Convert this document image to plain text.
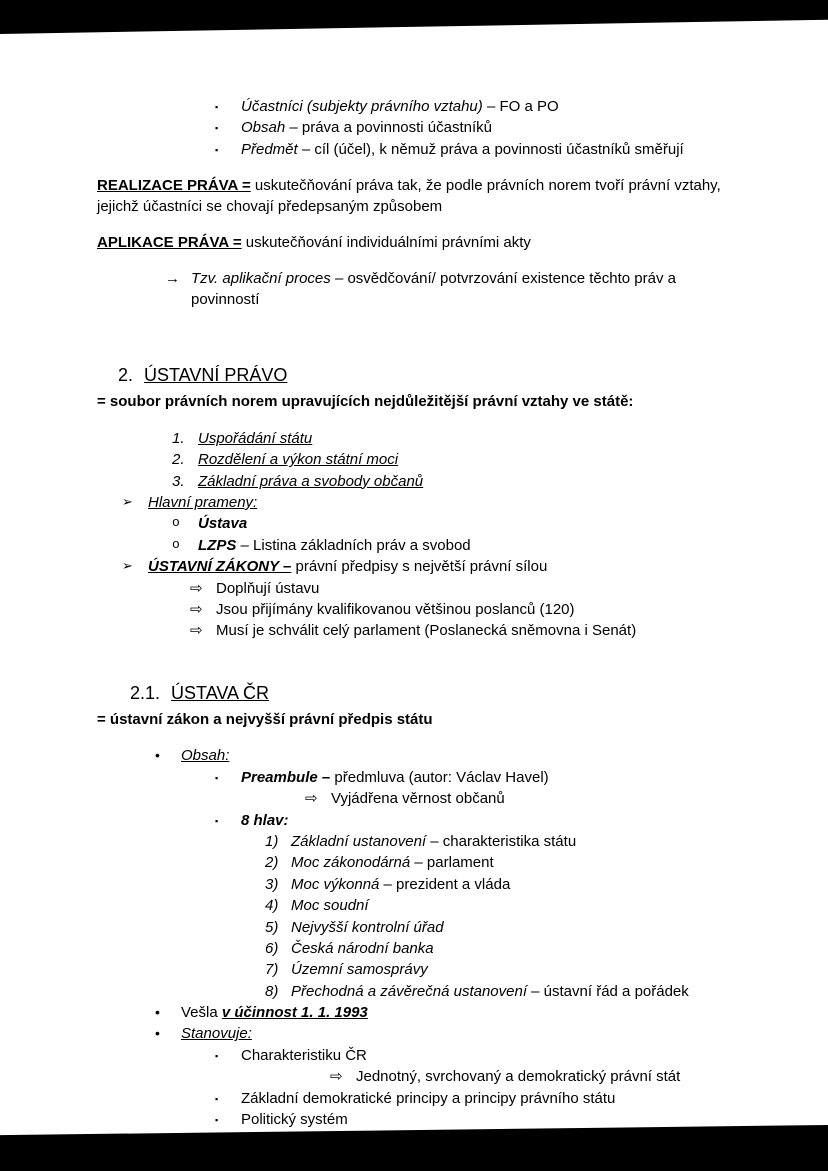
▪	Účastníci (subjekty právního vztahu) – FO a PO
▪	Obsah – práva a povinnosti účastníků
▪	Předmět – cíl (účel), k němuž práva a povinnosti účastníků směřují
REALIZACE PRÁVA = uskutečňování práva tak, že podle právních norem tvoří právní vztahy, jejichž účastníci se chovají předepsaným způsobem
APLIKACE PRÁVA = uskutečňování individuálními právními akty
→ Tzv. aplikační proces – osvědčování/ potvrzování existence těchto práv a povinností
2. ÚSTAVNÍ PRÁVO
= soubor právních norem upravujících nejdůležitější právní vztahy ve státě:
1. Uspořádání státu
2. Rozdělení a výkon státní moci
3. Základní práva a svobody občanů
➢	Hlavní prameny:
o	Ústava
o	LZPS – Listina základních práv a svobod
➢	ÚSTAVNÍ ZÁKONY – právní předpisy s největší právní sílou
⇨ Doplňují ústavu
⇨ Jsou přijímány kvalifikovanou většinou poslanců (120)
⇨ Musí je schválit celý parlament (Poslanecká sněmovna i Senát)
2.1. ÚSTAVA ČR
= ústavní zákon a nejvyšší právní předpis státu
•	Obsah:
▪	Preambule – předmluva (autor: Václav Havel)
⇨ Vyjádřena věrnost občanů
▪	8 hlav:
1) Základní ustanovení – charakteristika státu
2) Moc zákonodárná – parlament
3) Moc výkonná – prezident a vláda
4) Moc soudní
5) Nejvyšší kontrolní úřad
6) Česká národní banka
7) Územní samosprávy
8) Přechodná a závěrečná ustanovení – ústavní řád a pořádek
•	Vešla v účinnost 1. 1. 1993
•	Stanovuje:
▪	Charakteristiku ČR
⇨ Jednotný, svrchovaný a demokratický právní stát
▪	Základní demokratické principy a principy právního státu
▪	Politický systém
